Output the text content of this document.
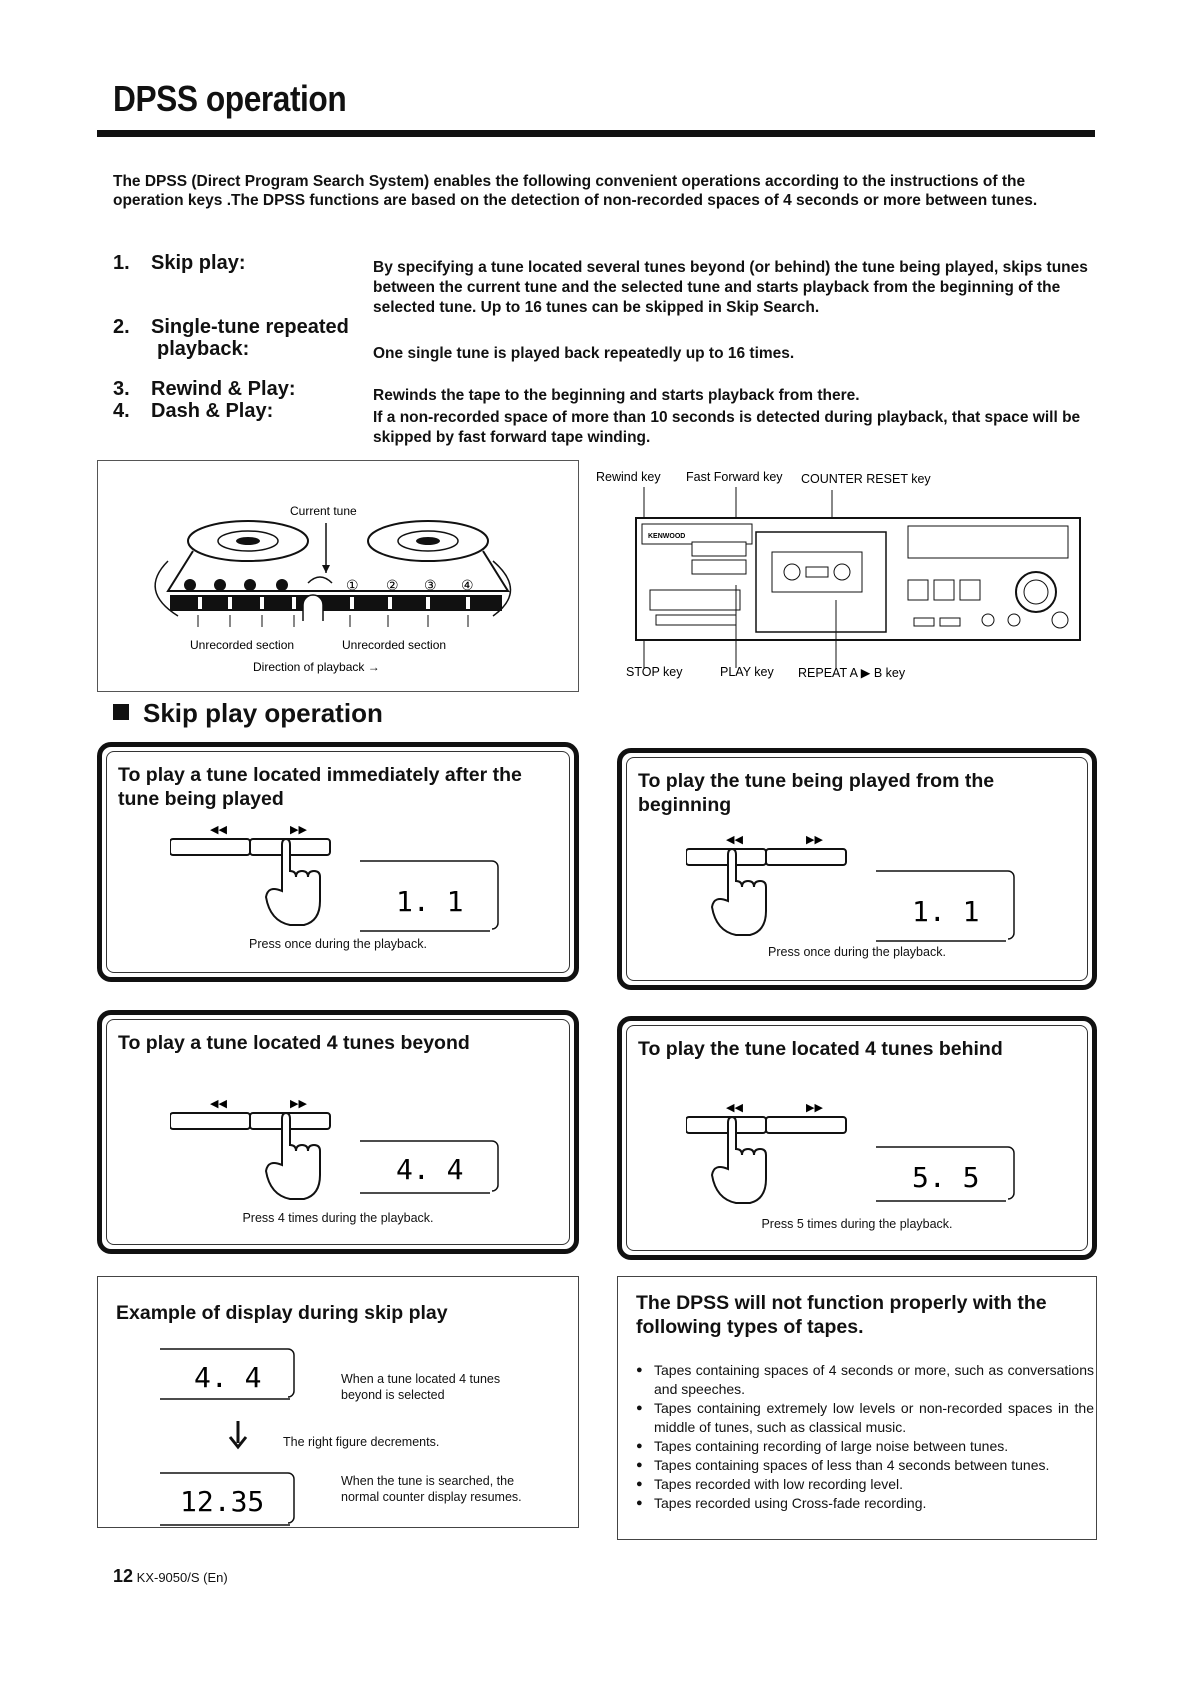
DPSS operation
The DPSS (Direct Program Search System) enables the following convenient operations according to the instructions of the operation keys .The DPSS functions are based on the detection of non-recorded spaces of 4 seconds or more between tunes.
1. Skip play:	By specifying a tune located several tunes beyond (or behind) the tune being played, skips tunes between the current tune and the selected tune and starts playback from the beginning of the selected tune. Up to 16 tunes can be skipped in Skip Search.
2. Single-tune repeated
playback:	One single tune is played back repeatedly up to 16 times.
3. Rewind & Play:	Rewinds the tape to the beginning and starts playback from there.
4. Dash & Play:	If a non-recorded space of more than 10 seconds is detected during playback, that space will be skipped by fast forward tape winding.
Current tune
① ② ③ ④
Unrecorded section	Unrecorded section
Direction of playback →
Rewind key Fast Forward key COUNTER RESET key
KENWOOD
STOP key	PLAY key REPEAT A ▶ B key
Skip play operation
To play a tune located immediately after the tune being played
◀◀	▶▶
1. 1
Press once during the playback.
To play the tune being played from the beginning
◀◀	▶▶
1. 1
Press once during the playback.
To play a tune located 4 tunes beyond
◀◀	▶▶
4. 4
Press 4 times during the playback.
To play the tune located 4 tunes behind
◀◀	▶▶
5. 5
Press 5 times during the playback.
Example of display during skip play
4. 4
12.35
When a tune located 4 tunes beyond is selected
The right figure decrements.
When the tune is searched, the normal counter display resumes.
The DPSS will not function properly with the following types of tapes.
● Tapes containing spaces of 4 seconds or more, such as conversations and speeches.
● Tapes containing extremely low levels or non-recorded spaces in the middle of tunes, such as classical music.
● Tapes containing recording of large noise between tunes.
● Tapes containing spaces of less than 4 seconds between tunes.
● Tapes recorded with low recording level.
● Tapes recorded using Cross-fade recording.
12 KX-9050/S (En)
